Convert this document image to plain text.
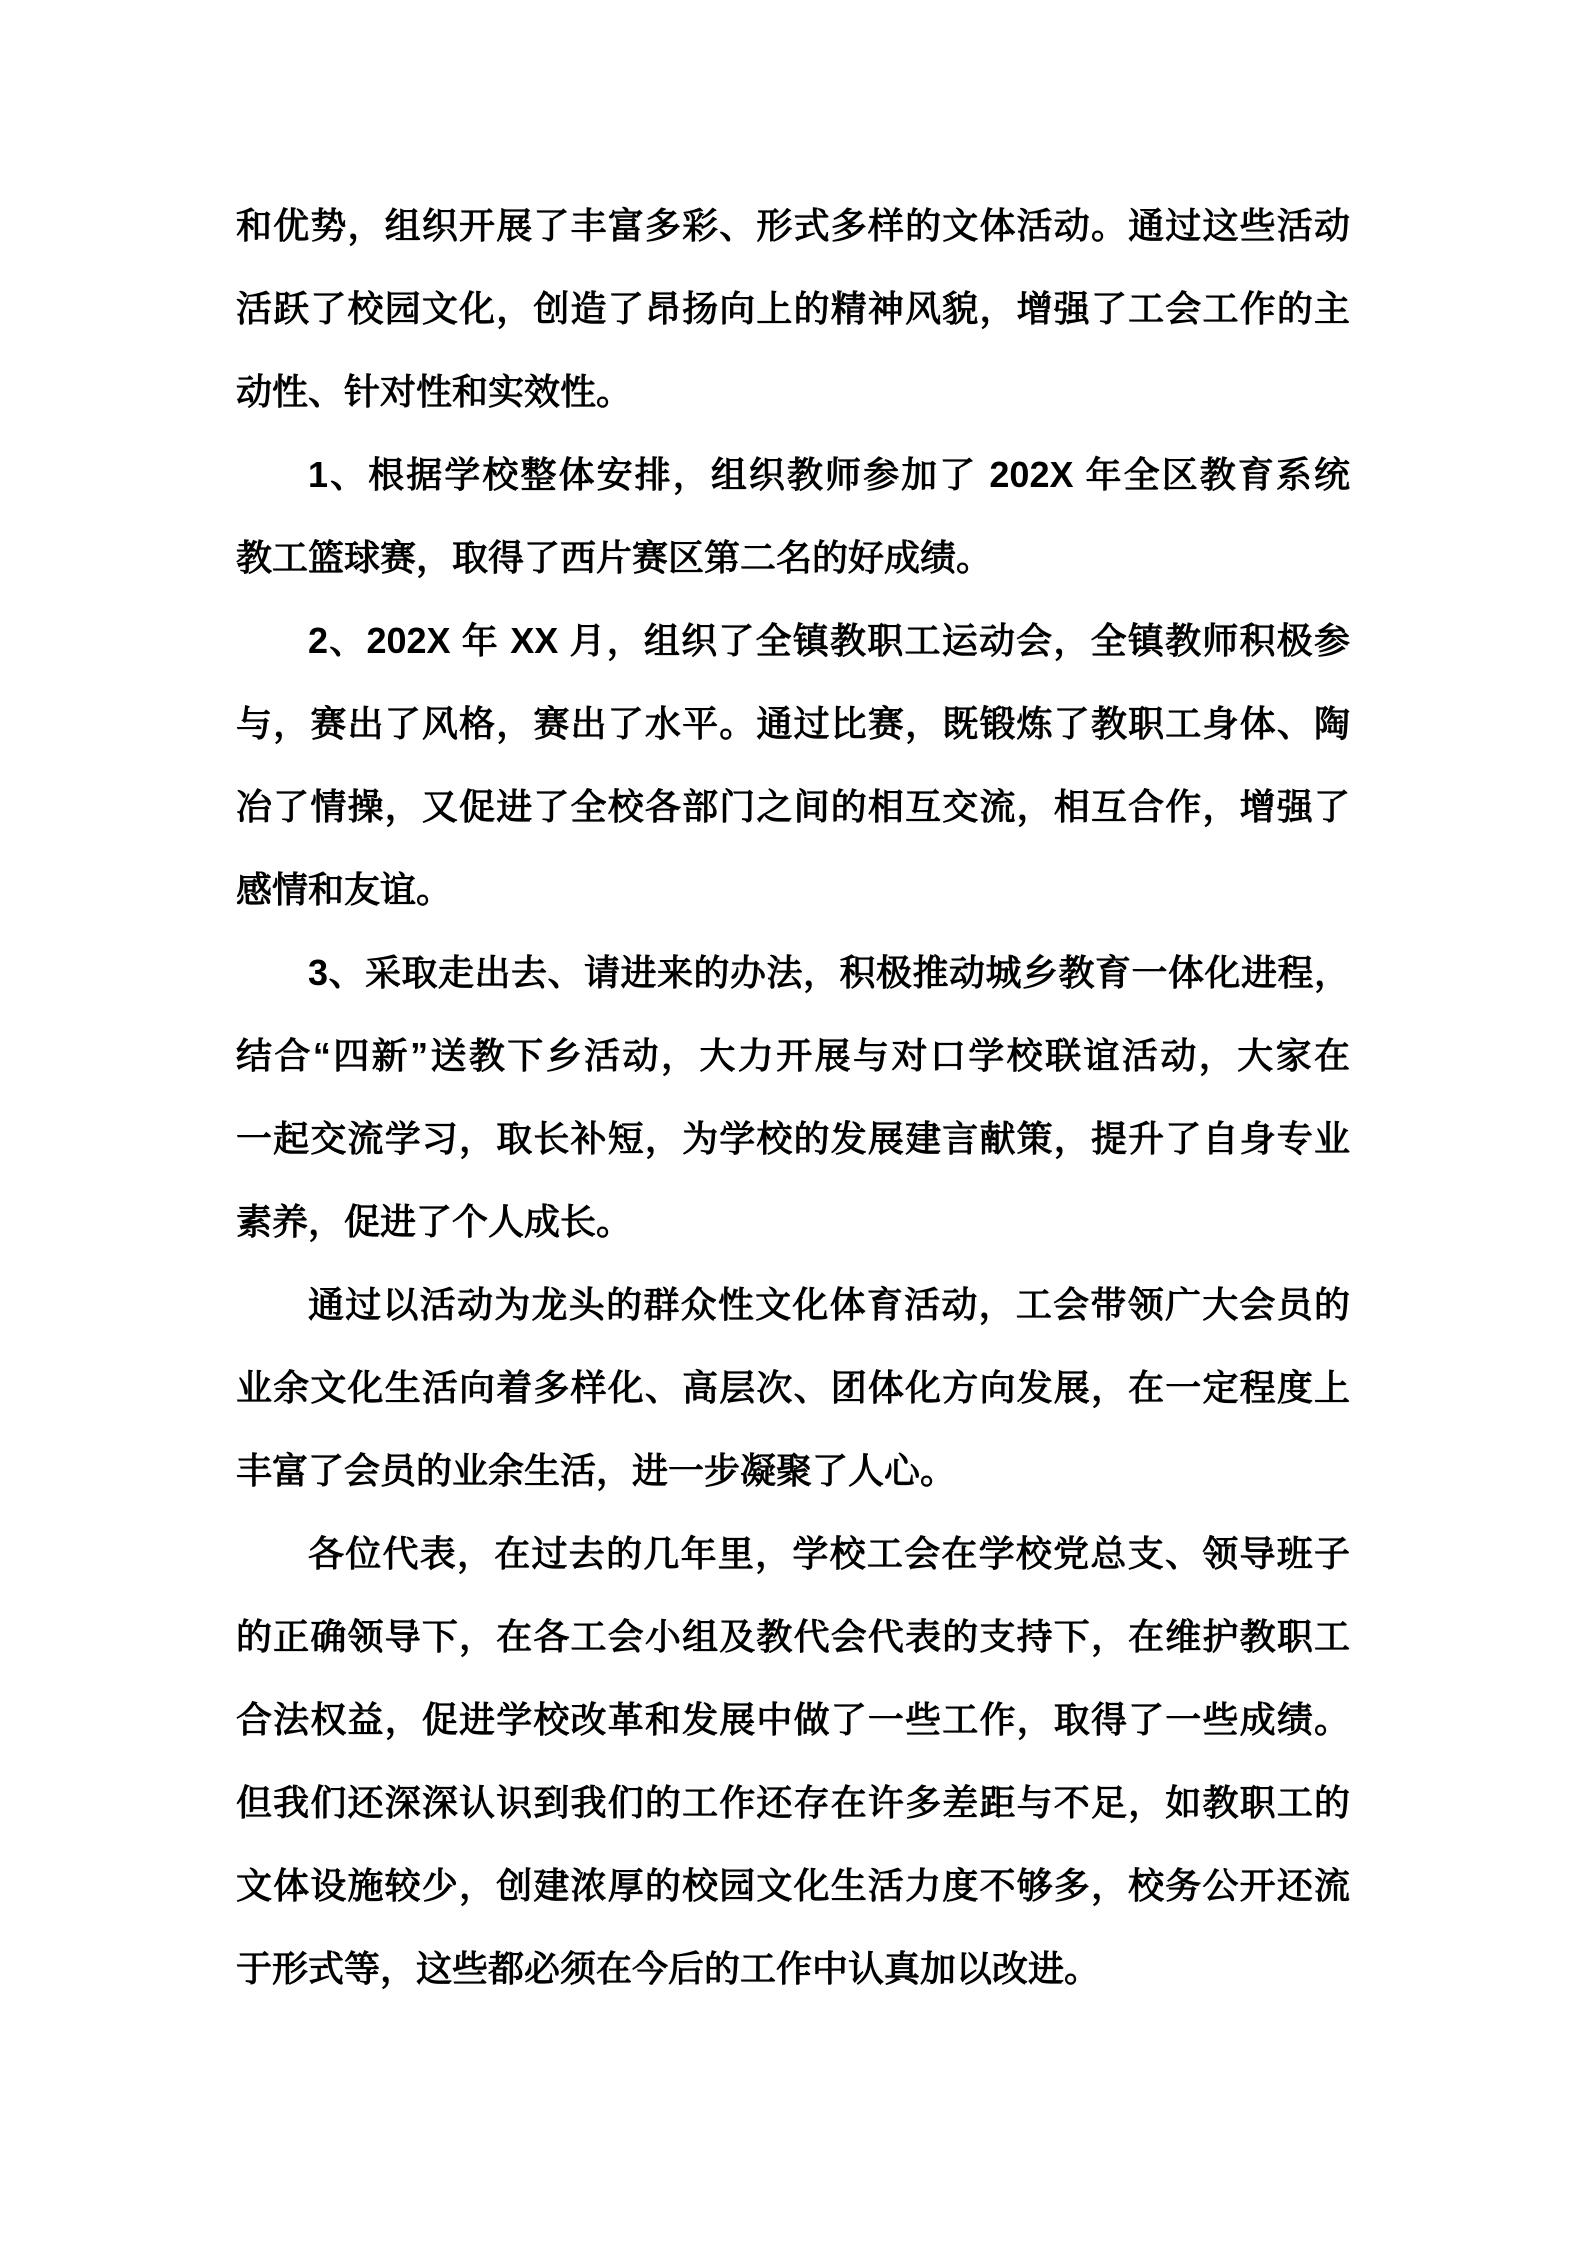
和优势，组织开展了丰富多彩、形式多样的文体活动。通过这些活动
活跃了校园文化，创造了昂扬向上的精神风貌，增强了工会工作的主
动性、针对性和实效性。
1、根据学校整体安排，组织教师参加了 202X 年全区教育系统
教工篮球赛，取得了西片赛区第二名的好成绩。
2、202X 年 XX 月，组织了全镇教职工运动会，全镇教师积极参
与，赛出了风格，赛出了水平。通过比赛，既锻炼了教职工身体、陶
冶了情操，又促进了全校各部门之间的相互交流，相互合作，增强了
感情和友谊。
3、采取走出去、请进来的办法，积极推动城乡教育一体化进程，
结合“四新”送教下乡活动，大力开展与对口学校联谊活动，大家在
一起交流学习，取长补短，为学校的发展建言献策，提升了自身专业
素养，促进了个人成长。
通过以活动为龙头的群众性文化体育活动，工会带领广大会员的
业余文化生活向着多样化、高层次、团体化方向发展，在一定程度上
丰富了会员的业余生活，进一步凝聚了人心。
各位代表，在过去的几年里，学校工会在学校党总支、领导班子
的正确领导下，在各工会小组及教代会代表的支持下，在维护教职工
合法权益，促进学校改革和发展中做了一些工作，取得了一些成绩。
但我们还深深认识到我们的工作还存在许多差距与不足，如教职工的
文体设施较少，创建浓厚的校园文化生活力度不够多，校务公开还流
于形式等，这些都必须在今后的工作中认真加以改进。
